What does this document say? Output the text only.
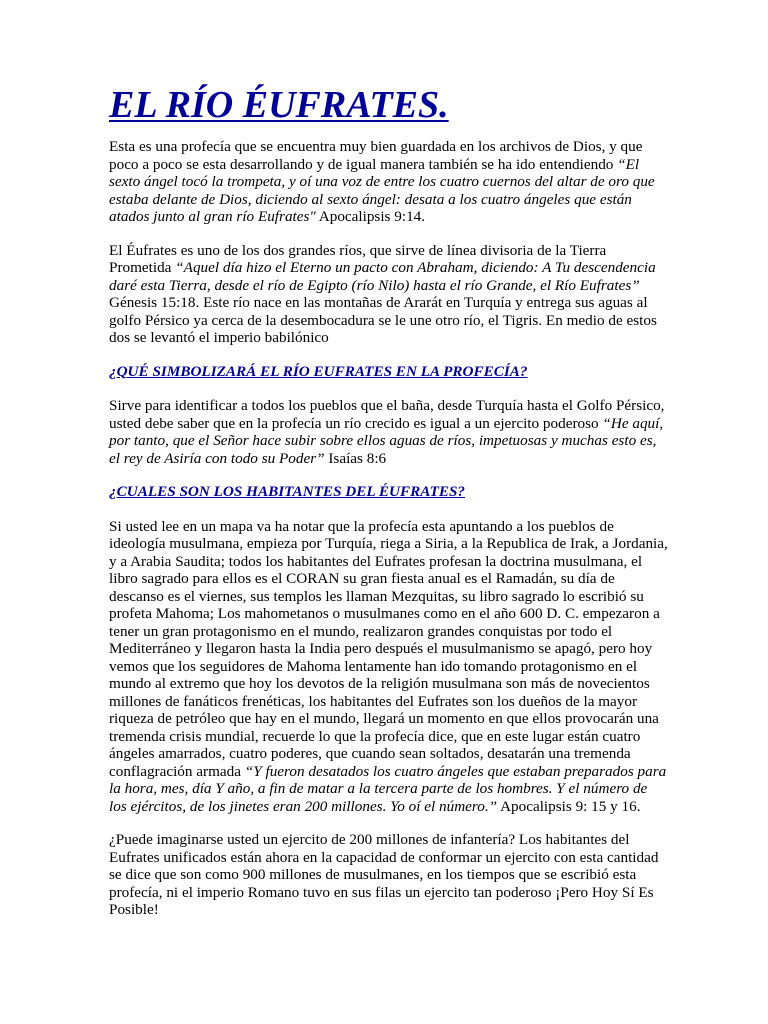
EL RÍO ÉUFRATES.

Esta es una profecía que se encuentra muy bien guardada en los archivos de Dios, y que poco a poco se esta desarrollando y de igual manera también se ha ido entendiendo “El sexto ángel tocó la trompeta, y oí una voz de entre los cuatro cuernos del altar de oro que estaba delante de Dios, diciendo al sexto ángel: desata a los cuatro ángeles que están atados junto al gran río Eufrates" Apocalipsis 9:14.

El Éufrates es uno de los dos grandes ríos, que sirve de línea divisoria de la Tierra Prometida “Aquel día hizo el Eterno un pacto con Abraham, diciendo: A Tu descendencia daré esta Tierra, desde el río de Egipto (río Nilo) hasta el río Grande, el Río Eufrates” Génesis 15:18. Este río nace en las montañas de Ararát en Turquía y entrega sus aguas al golfo Pérsico ya cerca de la desembocadura se le une otro río, el Tigris. En medio de estos dos se levantó el imperio babilónico

¿QUÉ SIMBOLIZARÁ EL RÍO EUFRATES EN LA PROFECÍA?

Sirve para identificar a todos los pueblos que el baña, desde Turquía hasta el Golfo Pérsico, usted debe saber que en la profecía un río crecido es igual a un ejercito poderoso “He aquí, por tanto, que el Señor hace subir sobre ellos aguas de ríos, impetuosas y muchas esto es, el rey de Asiría con todo su Poder” Isaías 8:6

¿CUALES SON LOS HABITANTES DEL ÉUFRATES?

Si usted lee en un mapa va ha notar que la profecía esta apuntando a los pueblos de ideología musulmana, empieza por Turquía, riega a Siria, a la Republica de Irak, a Jordania, y a Arabia Saudita; todos los habitantes del Eufrates profesan la doctrina musulmana, el libro sagrado para ellos es el CORAN su gran fiesta anual es el Ramadán, su día de descanso es el viernes, sus templos les llaman Mezquitas, su libro sagrado lo escribió su profeta Mahoma; Los mahometanos o musulmanes como en el año 600 D. C. empezaron a tener un gran protagonismo en el mundo, realizaron grandes conquistas por todo el Mediterráneo y llegaron hasta la India pero después el musulmanismo se apagó, pero hoy vemos que los seguidores de Mahoma lentamente han ido tomando protagonismo en el mundo al extremo que hoy los devotos de la religión musulmana son más de novecientos millones de fanáticos frenéticas, los habitantes del Eufrates son los dueños de la mayor riqueza de petróleo que hay en el mundo, llegará un momento en que ellos provocarán una tremenda crisis mundial, recuerde lo que la profecía dice, que en este lugar están cuatro ángeles amarrados, cuatro poderes, que cuando sean soltados, desatarán una tremenda conflagración armada “Y fueron desatados los cuatro ángeles que estaban preparados para la hora, mes, día Y año, a fin de matar a la tercera parte de los hombres. Y el número de los ejércitos, de los jinetes eran 200 millones. Yo oí el número.” Apocalipsis 9: 15 y 16.

¿Puede imaginarse usted un ejercito de 200 millones de infantería? Los habitantes del Eufrates unificados están ahora en la capacidad de conformar un ejercito con esta cantidad se dice que son como 900 millones de musulmanes, en los tiempos que se escribió esta profecía, ni el imperio Romano tuvo en sus filas un ejercito tan poderoso ¡Pero Hoy Sí Es Posible!
